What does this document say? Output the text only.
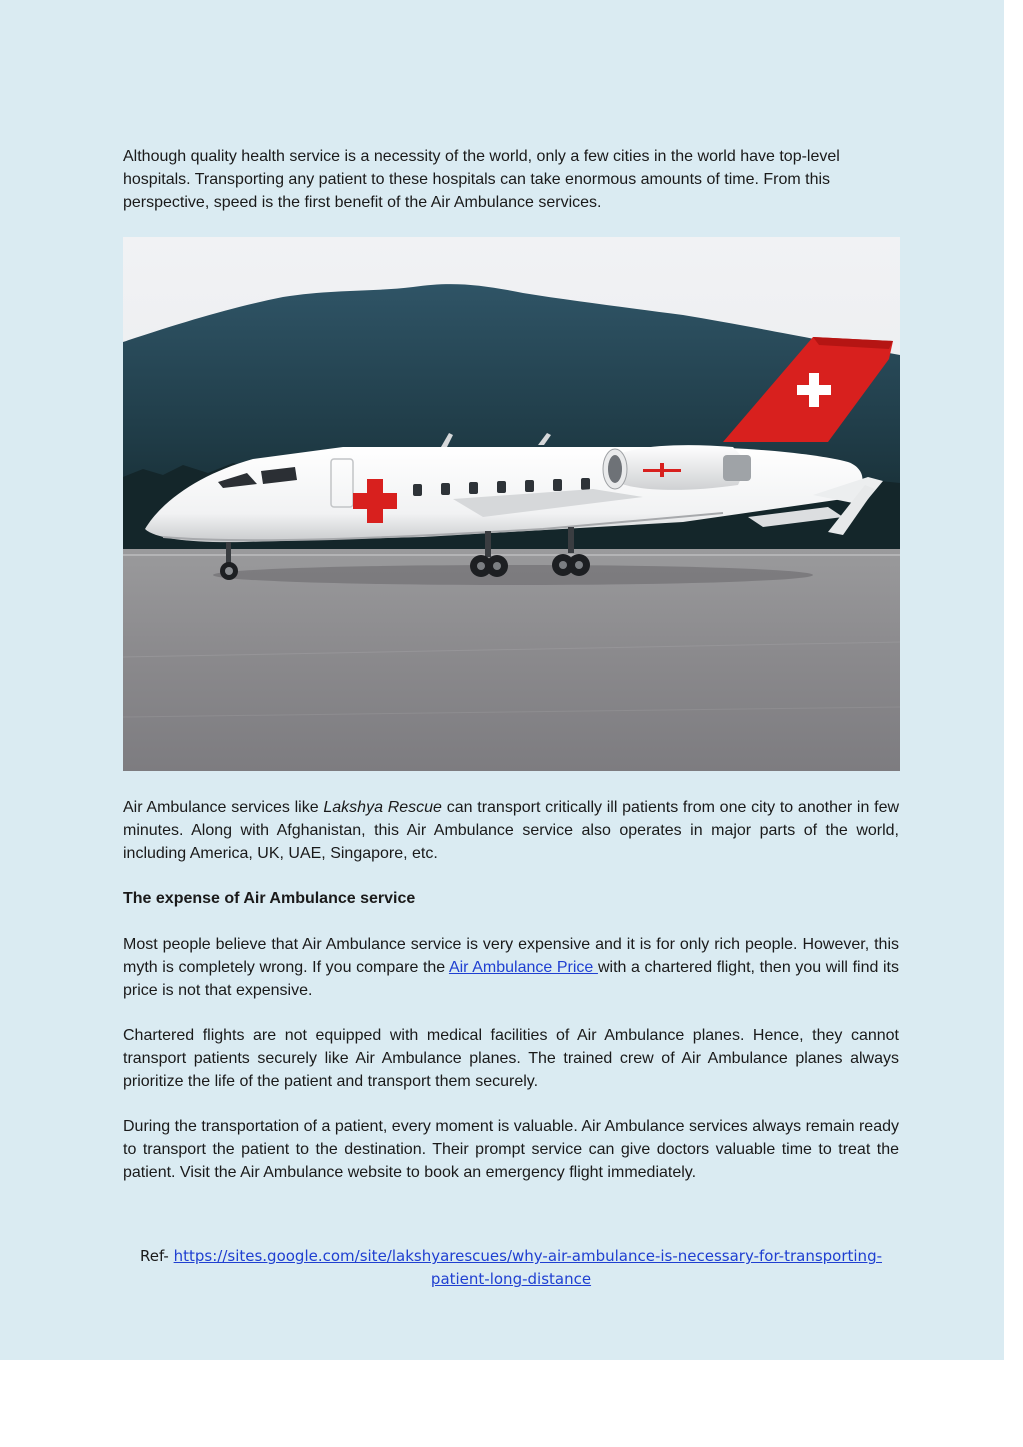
Although quality health service is a necessity of the world, only a few cities in the world have top-level hospitals. Transporting any patient to these hospitals can take enormous amounts of time. From this perspective, speed is the first benefit of the Air Ambulance services.

Air Ambulance services like Lakshya Rescue can transport critically ill patients from one city to another in few minutes. Along with Afghanistan, this Air Ambulance service also operates in major parts of the world, including America, UK, UAE, Singapore, etc.

The expense of Air Ambulance service

Most people believe that Air Ambulance service is very expensive and it is for only rich people. However, this myth is completely wrong. If you compare the Air Ambulance Price with a chartered flight, then you will find its price is not that expensive.

Chartered flights are not equipped with medical facilities of Air Ambulance planes. Hence, they cannot transport patients securely like Air Ambulance planes. The trained crew of Air Ambulance planes always prioritize the life of the patient and transport them securely.

During the transportation of a patient, every moment is valuable. Air Ambulance services always remain ready to transport the patient to the destination. Their prompt service can give doctors valuable time to treat the patient. Visit the Air Ambulance website to book an emergency flight immediately.

Ref- https://sites.google.com/site/lakshyarescues/why-air-ambulance-is-necessary-for-transporting-patient-long-distance
